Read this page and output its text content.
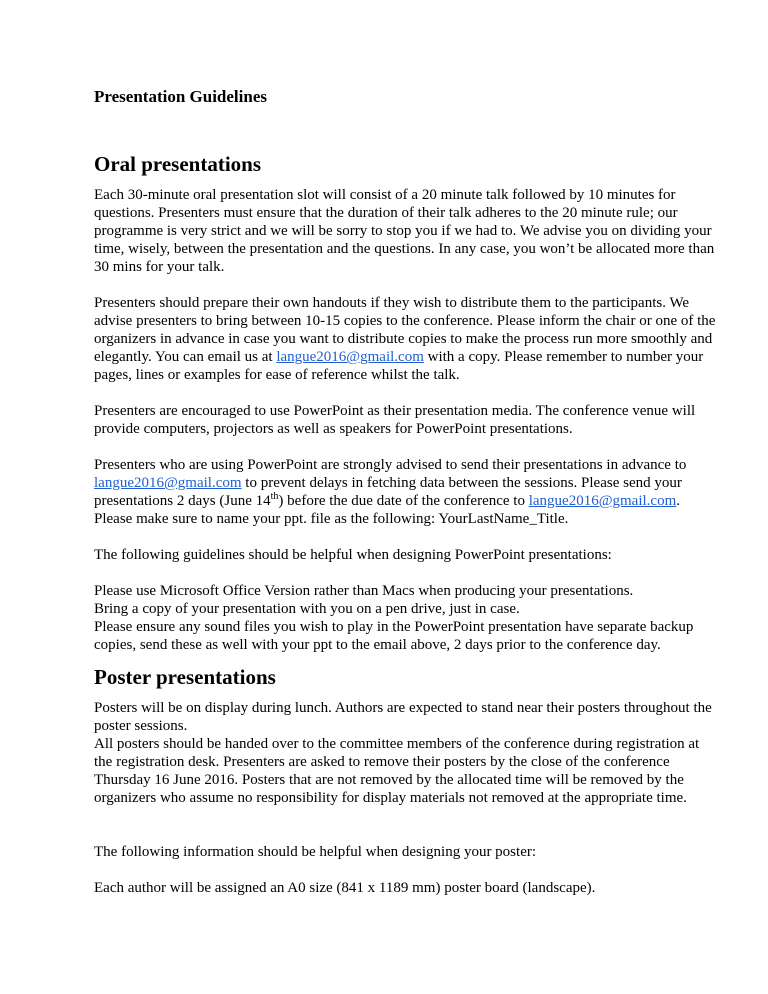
Presentation Guidelines
Oral presentations

Each 30-minute oral presentation slot will consist of a 20 minute talk followed by 10 minutes for questions. Presenters must ensure that the duration of their talk adheres to the 20 minute rule; our programme is very strict and we will be sorry to stop you if we had to. We advise you on dividing your time, wisely, between the presentation and the questions. In any case, you won’t be allocated more than 30 mins for your talk.

Presenters should prepare their own handouts if they wish to distribute them to the participants. We advise presenters to bring between 10-15 copies to the conference. Please inform the chair or one of the organizers in advance in case you want to distribute copies to make the process run more smoothly and elegantly. You can email us at langue2016@gmail.com with a copy. Please remember to number your pages, lines or examples for ease of reference whilst the talk.

Presenters are encouraged to use PowerPoint as their presentation media. The conference venue will provide computers, projectors as well as speakers for PowerPoint presentations.

Presenters who are using PowerPoint are strongly advised to send their presentations in advance to langue2016@gmail.com to prevent delays in fetching data between the sessions. Please send your presentations 2 days (June 14th) before the due date of the conference to langue2016@gmail.com. Please make sure to name your ppt. file as the following: YourLastName_Title.

The following guidelines should be helpful when designing PowerPoint presentations:

Please use Microsoft Office Version rather than Macs when producing your presentations.

Bring a copy of your presentation with you on a pen drive, just in case.

Please ensure any sound files you wish to play in the PowerPoint presentation have separate backup copies, send these as well with your ppt to the email above, 2 days prior to the conference day.

Poster presentations

Posters will be on display during lunch. Authors are expected to stand near their posters throughout the poster sessions.

All posters should be handed over to the committee members of the conference during registration at the registration desk. Presenters are asked to remove their posters by the close of the conference Thursday 16 June 2016. Posters that are not removed by the allocated time will be removed by the organizers who assume no responsibility for display materials not removed at the appropriate time.

The following information should be helpful when designing your poster:

Each author will be assigned an A0 size (841 x 1189 mm) poster board (landscape).
